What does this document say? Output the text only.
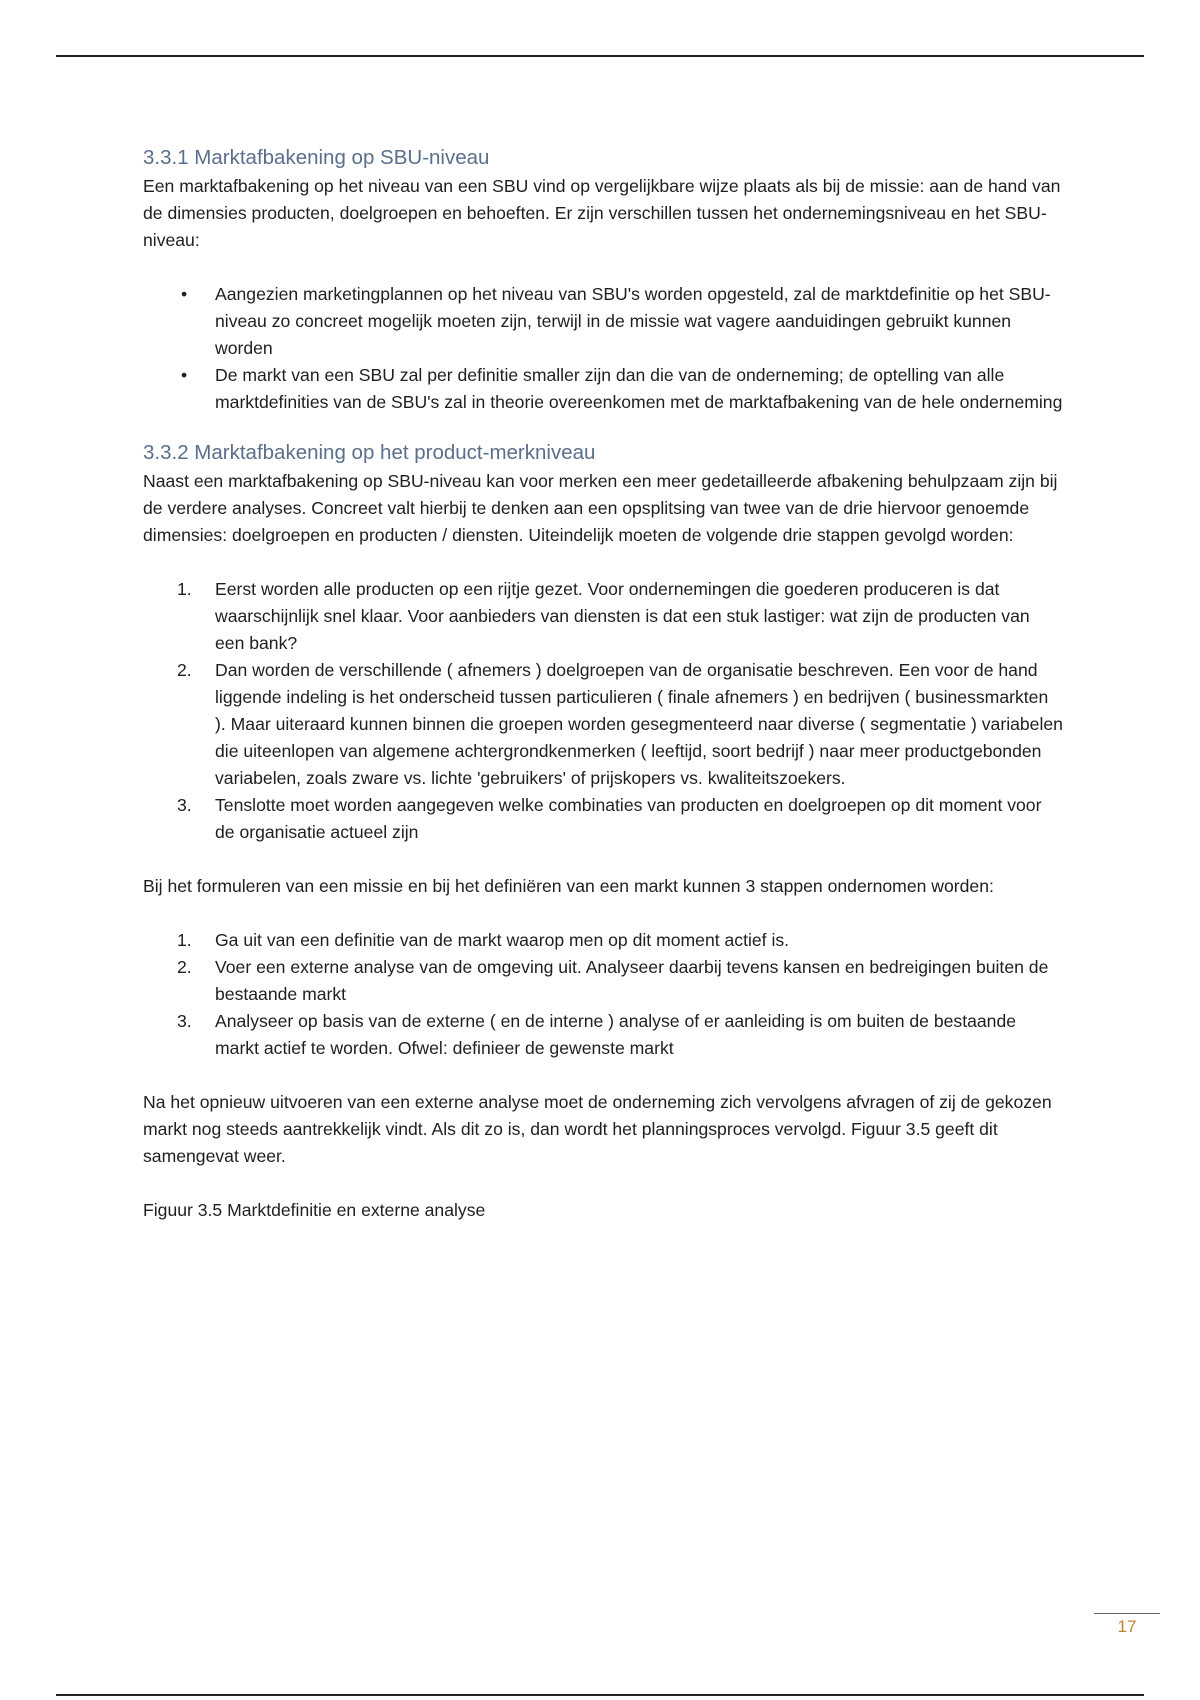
3.3.1 Marktafbakening op SBU-niveau

Een marktafbakening op het niveau van een SBU vind op vergelijkbare wijze plaats als bij de missie: aan de hand van de dimensies producten, doelgroepen en behoeften. Er zijn verschillen tussen het ondernemingsniveau en het SBU-niveau:

• Aangezien marketingplannen op het niveau van SBU's worden opgesteld, zal de marktdefinitie op het SBU-niveau zo concreet mogelijk moeten zijn, terwijl in de missie wat vagere aanduidingen gebruikt kunnen worden
• De markt van een SBU zal per definitie smaller zijn dan die van de onderneming; de optelling van alle marktdefinities van de SBU's zal in theorie overeenkomen met de marktafbakening van de hele onderneming
3.3.2 Marktafbakening op het product-merkniveau

Naast een marktafbakening op SBU-niveau kan voor merken een meer gedetailleerde afbakening behulpzaam zijn bij de verdere analyses. Concreet valt hierbij te denken aan een opsplitsing van twee van de drie hiervoor genoemde dimensies: doelgroepen en producten / diensten. Uiteindelijk moeten de volgende drie stappen gevolgd worden:

1. Eerst worden alle producten op een rijtje gezet. Voor ondernemingen die goederen produceren is dat waarschijnlijk snel klaar. Voor aanbieders van diensten is dat een stuk lastiger: wat zijn de producten van een bank?
2. Dan worden de verschillende ( afnemers ) doelgroepen van de organisatie beschreven. Een voor de hand liggende indeling is het onderscheid tussen particulieren ( finale afnemers ) en bedrijven ( businessmarkten ). Maar uiteraard kunnen binnen die groepen worden gesegmenteerd naar diverse ( segmentatie ) variabelen die uiteenlopen van algemene achtergrondkenmerken ( leeftijd, soort bedrijf ) naar meer productgebonden variabelen, zoals zware vs. lichte 'gebruikers' of prijskopers vs. kwaliteitszoekers.
3. Tenslotte moet worden aangegeven welke combinaties van producten en doelgroepen op dit moment voor de organisatie actueel zijn

Bij het formuleren van een missie en bij het definiëren van een markt kunnen 3 stappen ondernomen worden:

1. Ga uit van een definitie van de markt waarop men op dit moment actief is.
2. Voer een externe analyse van de omgeving uit. Analyseer daarbij tevens kansen en bedreigingen buiten de bestaande markt
3. Analyseer op basis van de externe ( en de interne ) analyse of er aanleiding is om buiten de bestaande markt actief te worden. Ofwel: definieer de gewenste markt

Na het opnieuw uitvoeren van een externe analyse moet de onderneming zich vervolgens afvragen of zij de gekozen markt nog steeds aantrekkelijk vindt. Als dit zo is, dan wordt het planningsproces vervolgd. Figuur 3.5 geeft dit samengevat weer.

Figuur 3.5 Marktdefinitie en externe analyse

17
